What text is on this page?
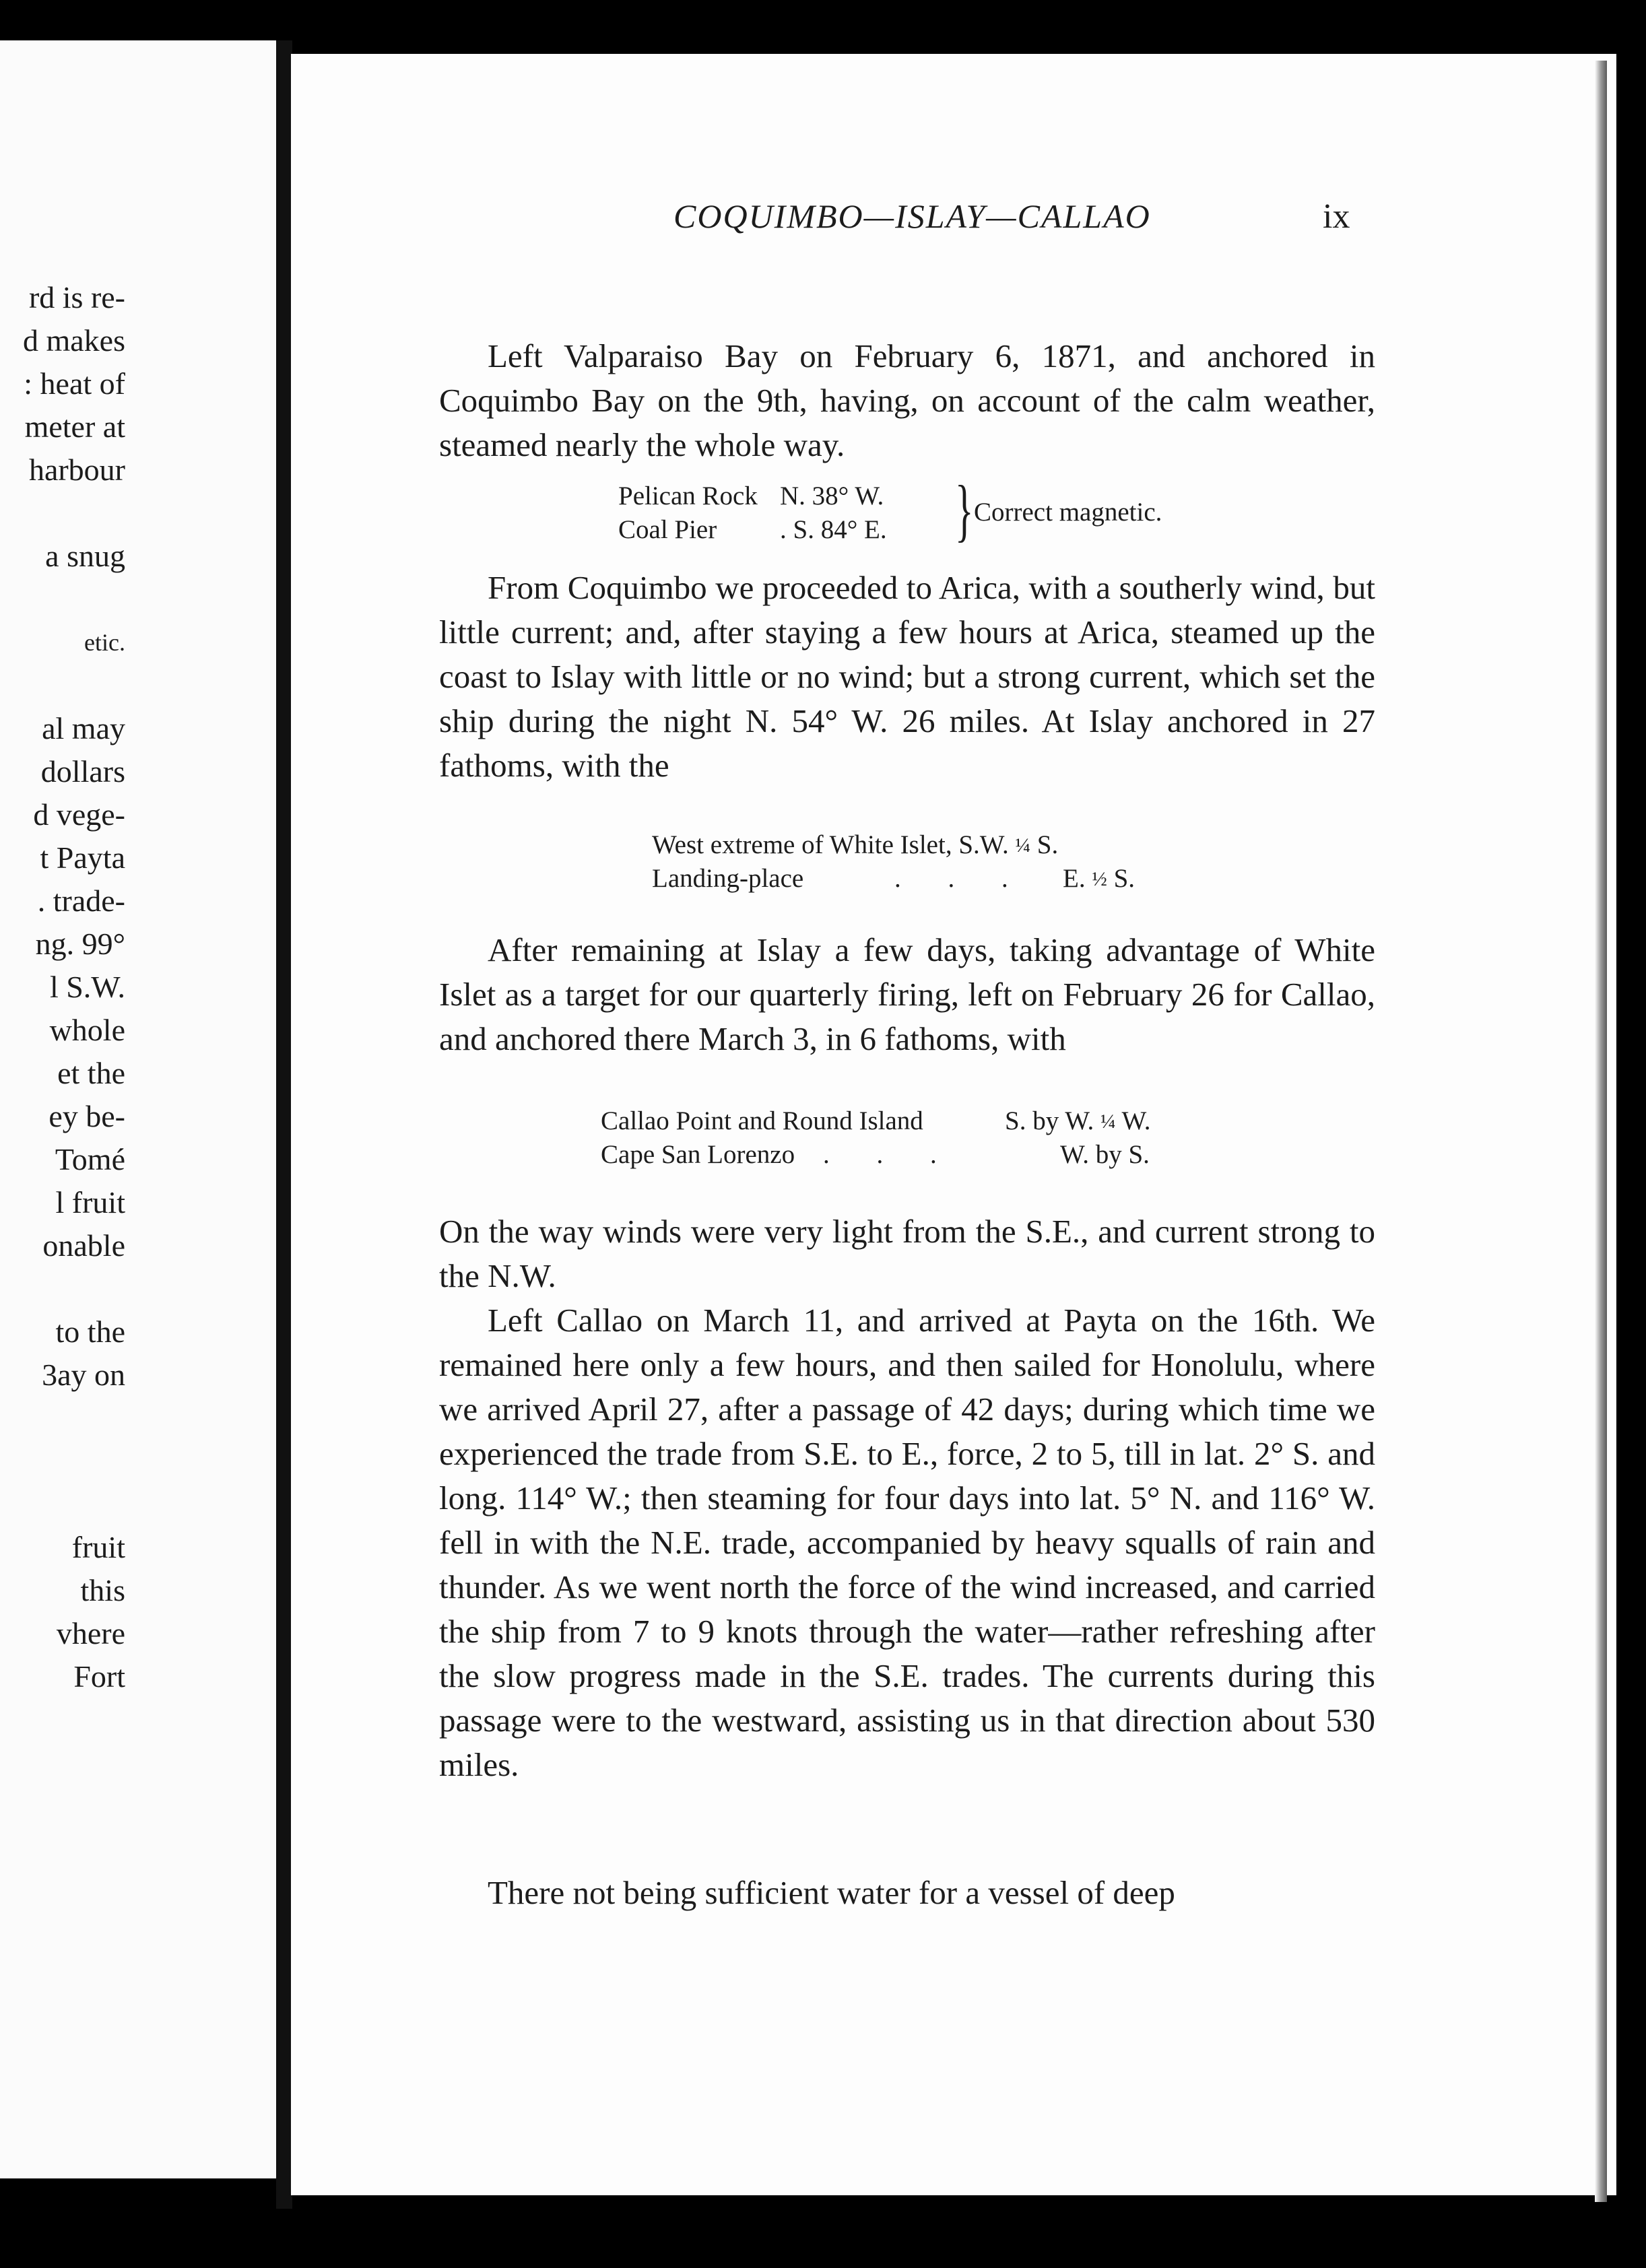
rd is re-
d makes
: heat of
meter at
harbour
a snug
etic.
al may
dollars
d vege-
t Payta
. trade-
ng. 99°
l S.W.
whole
et the
ey be-
Tomé
l fruit
onable
to the
3ay on
fruit
this
vhere
Fort
COQUIMBO—ISLAY—CALLAO	ix

Left Valparaiso Bay on February 6, 1871, and anchored in Coquimbo Bay on the 9th, having, on account of the calm weather, steamed nearly the whole way.

Pelican Rock N. 38° W.
Coal Pier . S. 84° E. } Correct magnetic.

From Coquimbo we proceeded to Arica, with a southerly wind, but little current; and, after staying a few hours at Arica, steamed up the coast to Islay with little or no wind; but a strong current, which set the ship during the night N. 54° W. 26 miles. At Islay anchored in 27 fathoms, with the

West extreme of White Islet, S.W. ¼ S.
Landing-place	. . . E. ½ S.

After remaining at Islay a few days, taking advantage of White Islet as a target for our quarterly firing, left on February 26 for Callao, and anchored there March 3, in 6 fathoms, with

Callao Point and Round Island	S. by W. ¼ W.
Cape San Lorenzo . . .	W. by S.

On the way winds were very light from the S.E., and current strong to the N.W.

Left Callao on March 11, and arrived at Payta on the 16th. We remained here only a few hours, and then sailed for Honolulu, where we arrived April 27, after a passage of 42 days; during which time we experienced the trade from S.E. to E., force, 2 to 5, till in lat. 2° S. and long. 114° W.; then steaming for four days into lat. 5° N. and 116° W. fell in with the N.E. trade, accompanied by heavy squalls of rain and thunder. As we went north the force of the wind increased, and carried the ship from 7 to 9 knots through the water—rather refreshing after the slow progress made in the S.E. trades. The currents during this passage were to the westward, assisting us in that direction about 530 miles.

There not being sufficient water for a vessel of deep
